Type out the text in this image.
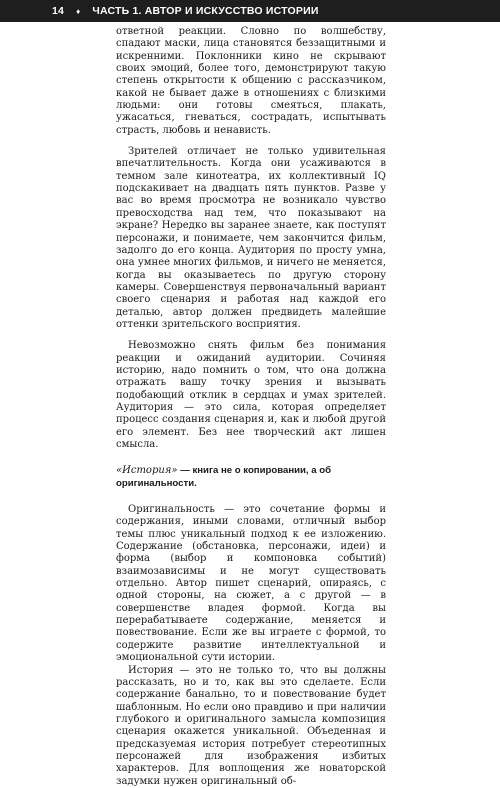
14 ♦ ЧАСТЬ 1. АВТОР И ИСКУССТВО ИСТОРИИ

ответной реакции. Словно по волшебству, спадают маски, лица становятся беззащитными и искренними. Поклонники кино не скрывают своих эмоций, более того, демонстрируют такую степень открытости к общению с рассказчиком, какой не бывает даже в отношениях с близкими людьми: они готовы смеяться, плакать, ужасаться, гневаться, сострадать, испытывать страсть, любовь и ненависть.

Зрителей отличает не только удивительная впечатлительность. Когда они усаживаются в темном зале кинотеатра, их коллективный IQ подскакивает на двадцать пять пунктов. Разве у вас во время просмотра не возникало чувство превосходства над тем, что показывают на экране? Нередко вы заранее знаете, как поступят персонажи, и понимаете, чем закончится фильм, задолго до его конца. Аудитория по просту умна, она умнее многих фильмов, и ничего не меняется, когда вы оказываетесь по другую сторону камеры. Совершенствуя первоначальный вариант своего сценария и работая над каждой его деталью, автор должен предвидеть малейшие оттенки зрительского восприятия.

Невозможно снять фильм без понимания реакции и ожиданий аудитории. Сочиняя историю, надо помнить о том, что она должна отражать вашу точку зрения и вызывать подобающий отклик в сердцах и умах зрителей. Аудитория — это сила, которая определяет процесс создания сценария и, как и любой другой его элемент. Без нее творческий акт лишен смысла.

«История» — книга не о копировании, а об оригинальности.

Оригинальность — это сочетание формы и содержания, иными словами, отличный выбор темы плюс уникальный подход к ее изложению. Содержание (обстановка, персонажи, идеи) и форма (выбор и компоновка событий) взаимозависимы и не могут существовать отдельно. Автор пишет сценарий, опираясь, с одной стороны, на сюжет, а с другой — в совершенстве владея формой. Когда вы перерабатываете содержание, меняется и повествование. Если же вы играете с формой, то содержите развитие интеллектуальной и эмоциональной сути истории.

История — это не только то, что вы должны рассказать, но и то, как вы это сделаете. Если содержание банально, то и повествование будет шаблонным. Но если оно правдиво и при наличии глубокого и оригинального замысла композиция сценария окажется уникальной. Объеденная и предсказуемая история потребует стереотипных персонажей для изображения избитых характеров. Для воплощения же новаторской задумки нужен оригинальный об-
